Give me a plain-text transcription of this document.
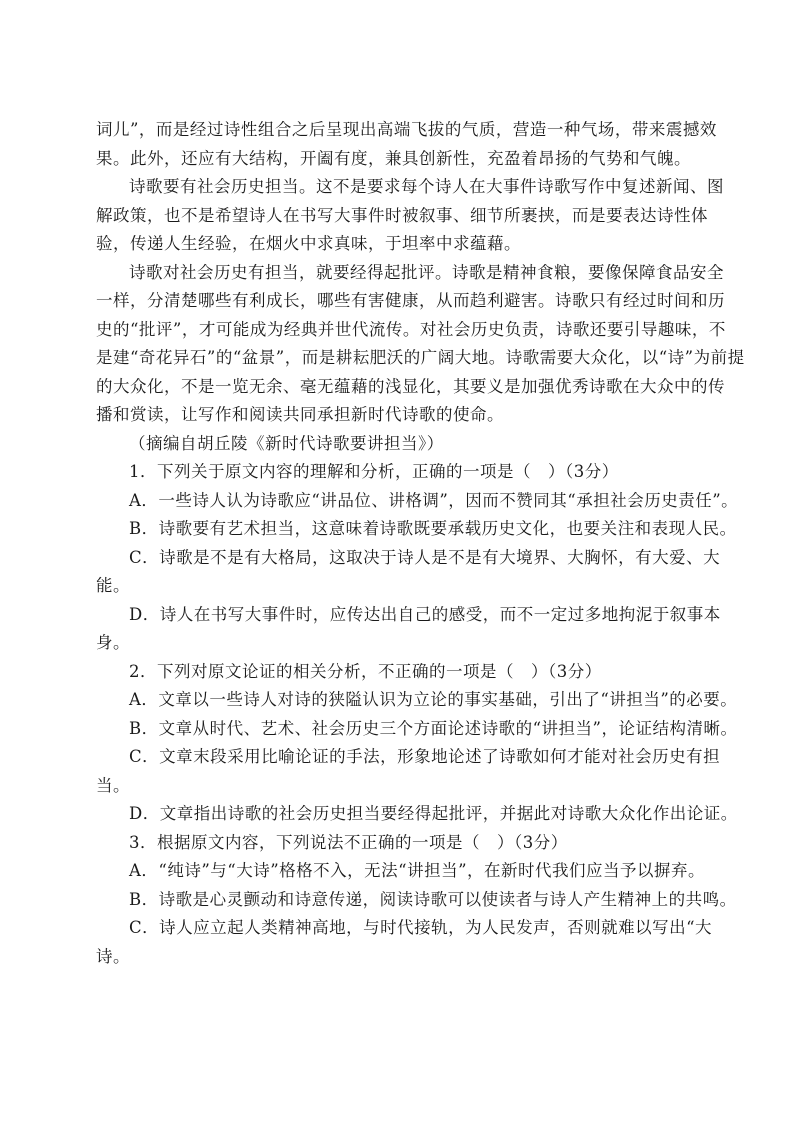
词儿”，而是经过诗性组合之后呈现出高端飞拔的气质，营造一种气场，带来震撼效
果。此外，还应有大结构，开阖有度，兼具创新性，充盈着昂扬的气势和气魄。
诗歌要有社会历史担当。这不是要求每个诗人在大事件诗歌写作中复述新闻、图
解政策，也不是希望诗人在书写大事件时被叙事、细节所裹挟，而是要表达诗性体
验，传递人生经验，在烟火中求真味，于坦率中求蕴藉。
诗歌对社会历史有担当，就要经得起批评。诗歌是精神食粮，要像保障食品安全
一样，分清楚哪些有利成长，哪些有害健康，从而趋利避害。诗歌只有经过时间和历
史的“批评”，才可能成为经典并世代流传。对社会历史负责，诗歌还要引导趣味，不
是建“奇花异石”的“盆景”，而是耕耘肥沃的广阔大地。诗歌需要大众化，以“诗”为前提
的大众化，不是一览无余、毫无蕴藉的浅显化，其要义是加强优秀诗歌在大众中的传
播和赏读，让写作和阅读共同承担新时代诗歌的使命。
（摘编自胡丘陵《新时代诗歌要讲担当》）
1．下列关于原文内容的理解和分析，正确的一项是（　）（3分）
A．一些诗人认为诗歌应“讲品位、讲格调”，因而不赞同其“承担社会历史责任”。
B．诗歌要有艺术担当，这意味着诗歌既要承载历史文化，也要关注和表现人民。
C．诗歌是不是有大格局，这取决于诗人是不是有大境界、大胸怀，有大爱、大
能。
D．诗人在书写大事件时，应传达出自己的感受，而不一定过多地拘泥于叙事本
身。
2．下列对原文论证的相关分析，不正确的一项是（　）（3分）
A．文章以一些诗人对诗的狭隘认识为立论的事实基础，引出了“讲担当”的必要。
B．文章从时代、艺术、社会历史三个方面论述诗歌的“讲担当”，论证结构清晰。
C．文章末段采用比喻论证的手法，形象地论述了诗歌如何才能对社会历史有担
当。
D．文章指出诗歌的社会历史担当要经得起批评，并据此对诗歌大众化作出论证。
3．根据原文内容，下列说法不正确的一项是（　）（3分）
A．“纯诗”与“大诗”格格不入，无法“讲担当”，在新时代我们应当予以摒弃。
B．诗歌是心灵颤动和诗意传递，阅读诗歌可以使读者与诗人产生精神上的共鸣。
C．诗人应立起人类精神高地，与时代接轨，为人民发声，否则就难以写出“大
诗。
